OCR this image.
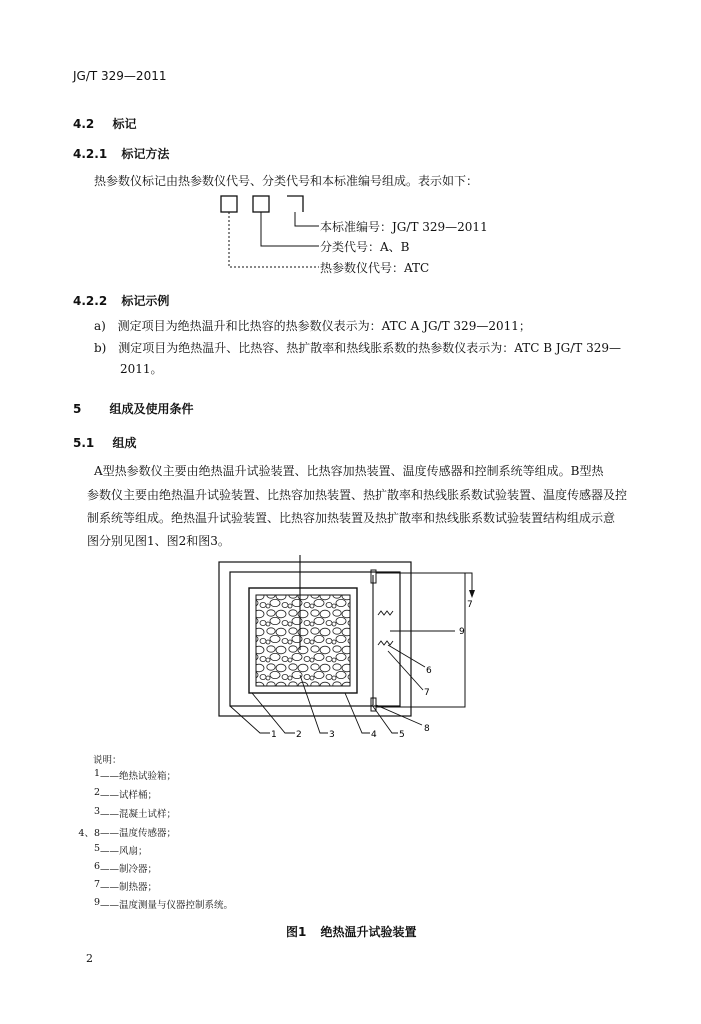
JG/T 329—2011
4.2 标记
4.2.1 标记方法
热参数仪标记由热参数仪代号、分类代号和本标准编号组成。表示如下：
本标准编号：JG/T 329—2011
分类代号：A、B
热参数仪代号：ATC
4.2.2 标记示例
a) 测定项目为绝热温升和比热容的热参数仪表示为：ATC A JG/T 329—2011；
b) 测定项目为绝热温升、比热容、热扩散率和热线胀系数的热参数仪表示为：ATC B JG/T 329—
2011。
5 组成及使用条件
5.1 组成
A型热参数仪主要由绝热温升试验装置、比热容加热装置、温度传感器和控制系统等组成。B型热
参数仪主要由绝热温升试验装置、比热容加热装置、热扩散率和热线胀系数试验装置、温度传感器及控
制系统等组成。绝热温升试验装置、比热容加热装置及热扩散率和热线胀系数试验装置结构组成示意
图分别见图1、图2和图3。
1 2	3	4 5
6
7
8
9
7
说明：
1 ——绝热试验箱；
2 ——试样桶；
3 ——混凝土试样；
4、8 ——温度传感器；
5 ——风扇；
6 ——制冷器；
7 ——制热器；
9 ——温度测量与仪器控制系统。
图1 绝热温升试验装置
2
